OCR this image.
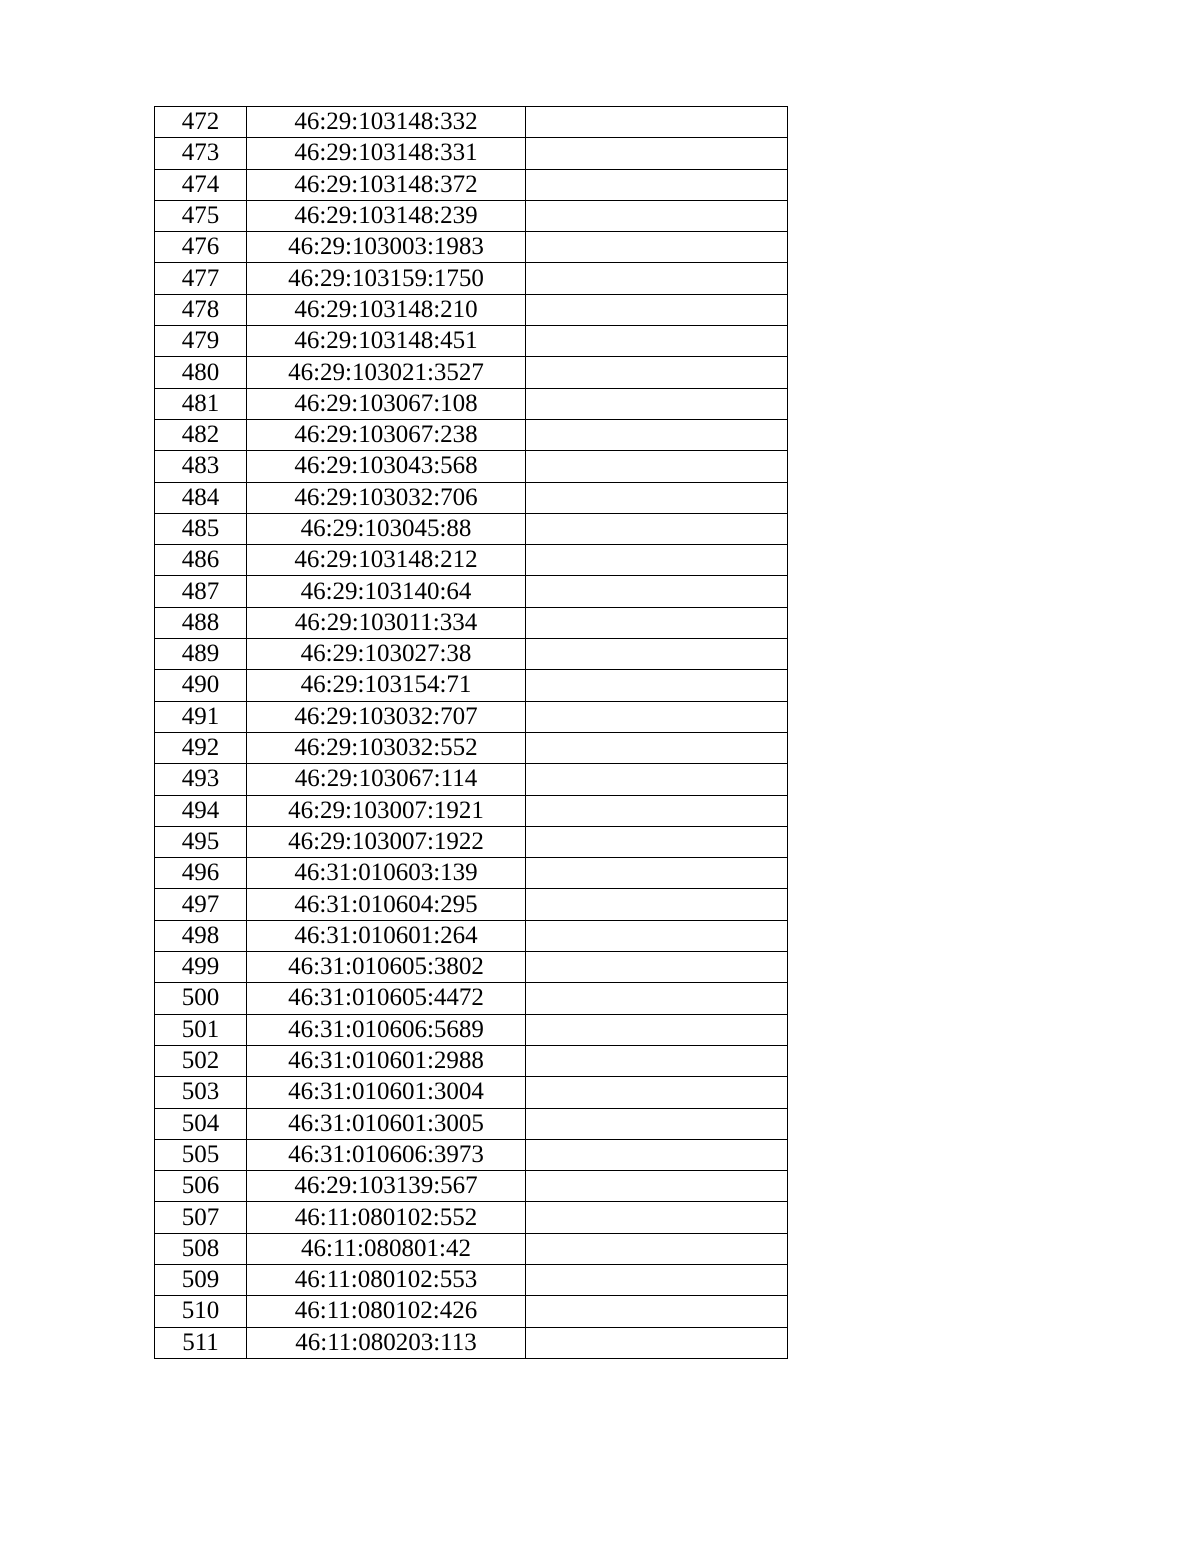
472	46:29:103148:332	
473	46:29:103148:331	
474	46:29:103148:372	
475	46:29:103148:239	
476	46:29:103003:1983	
477	46:29:103159:1750	
478	46:29:103148:210	
479	46:29:103148:451	
480	46:29:103021:3527	
481	46:29:103067:108	
482	46:29:103067:238	
483	46:29:103043:568	
484	46:29:103032:706	
485	46:29:103045:88	
486	46:29:103148:212	
487	46:29:103140:64	
488	46:29:103011:334	
489	46:29:103027:38	
490	46:29:103154:71	
491	46:29:103032:707	
492	46:29:103032:552	
493	46:29:103067:114	
494	46:29:103007:1921	
495	46:29:103007:1922	
496	46:31:010603:139	
497	46:31:010604:295	
498	46:31:010601:264	
499	46:31:010605:3802	
500	46:31:010605:4472	
501	46:31:010606:5689	
502	46:31:010601:2988	
503	46:31:010601:3004	
504	46:31:010601:3005	
505	46:31:010606:3973	
506	46:29:103139:567	
507	46:11:080102:552	
508	46:11:080801:42	
509	46:11:080102:553	
510	46:11:080102:426	
511	46:11:080203:113	
